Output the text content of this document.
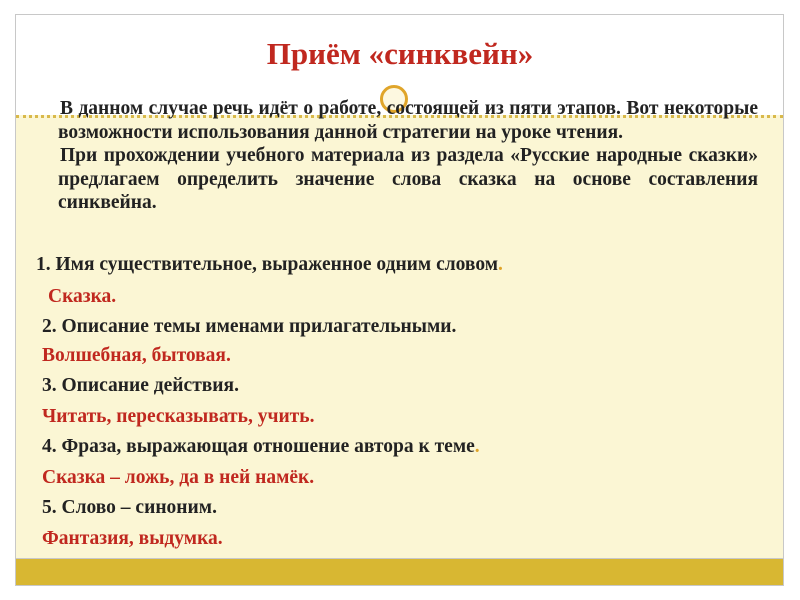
Приём «синквейн»

В данном случае речь идёт о работе, состоящей из пяти этапов. Вот некоторые возможности использования данной стратегии на уроке чтения.

При прохождении учебного материала из раздела «Русские народные сказки» предлагаем определить значение слова сказка на основе составления синквейна.

1. Имя существительное, выраженное одним словом.
Сказка.
2. Описание темы именами прилагательными.
Волшебная, бытовая.
3. Описание действия.
Читать, пересказывать, учить.
4. Фраза, выражающая отношение автора к теме.
Сказка – ложь, да в ней намёк.
5. Слово – синоним.
Фантазия, выдумка.
